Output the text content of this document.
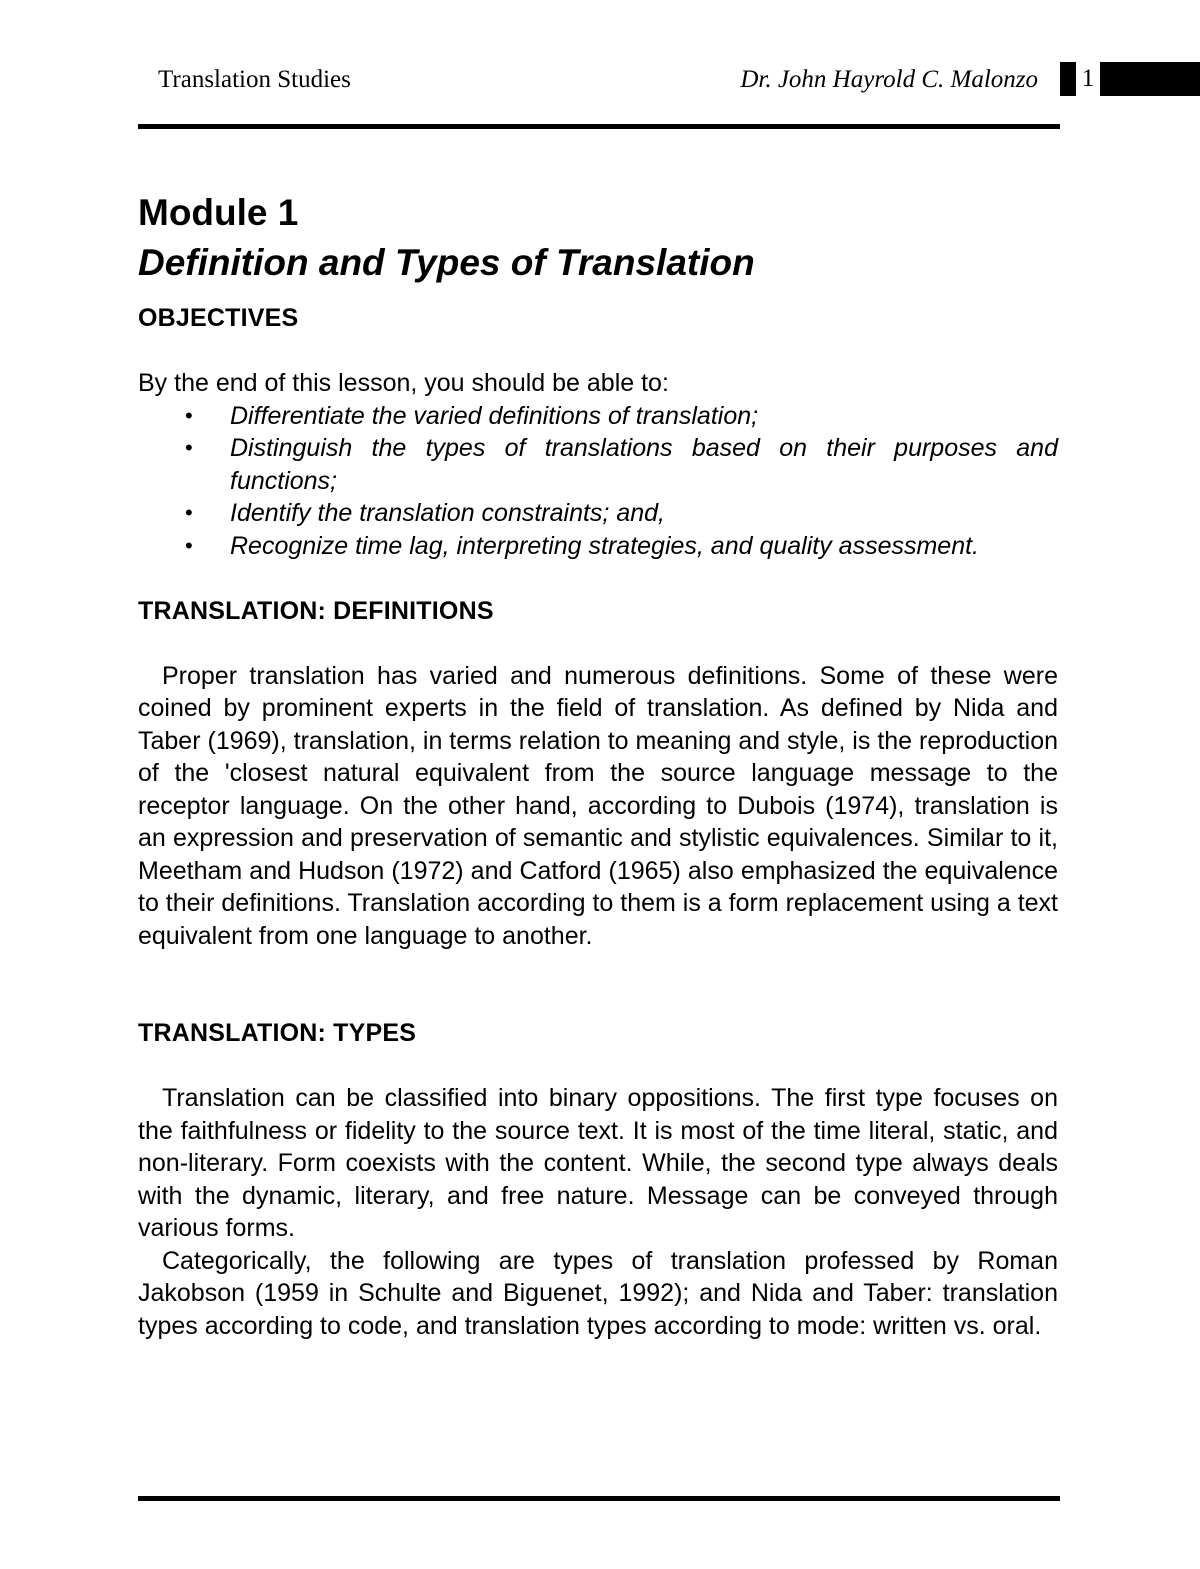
Translation Studies	Dr. John Hayrold C. Malonzo 1
Module 1
Definition and Types of Translation
OBJECTIVES

By the end of this lesson, you should be able to:

• Differentiate the varied definitions of translation;
• Distinguish the types of translations based on their purposes and functions;
• Identify the translation constraints; and,
• Recognize time lag, interpreting strategies, and quality assessment.
TRANSLATION: DEFINITIONS

Proper translation has varied and numerous definitions. Some of these were coined by prominent experts in the field of translation. As defined by Nida and Taber (1969), translation, in terms relation to meaning and style, is the reproduction of the 'closest natural equivalent from the source language message to the receptor language. On the other hand, according to Dubois (1974), translation is an expression and preservation of semantic and stylistic equivalences. Similar to it, Meetham and Hudson (1972) and Catford (1965) also emphasized the equivalence to their definitions. Translation according to them is a form replacement using a text equivalent from one language to another.

TRANSLATION: TYPES

Translation can be classified into binary oppositions. The first type focuses on the faithfulness or fidelity to the source text. It is most of the time literal, static, and non-literary. Form coexists with the content. While, the second type always deals with the dynamic, literary, and free nature. Message can be conveyed through various forms.

Categorically, the following are types of translation professed by Roman Jakobson (1959 in Schulte and Biguenet, 1992); and Nida and Taber: translation types according to code, and translation types according to mode: written vs. oral.
